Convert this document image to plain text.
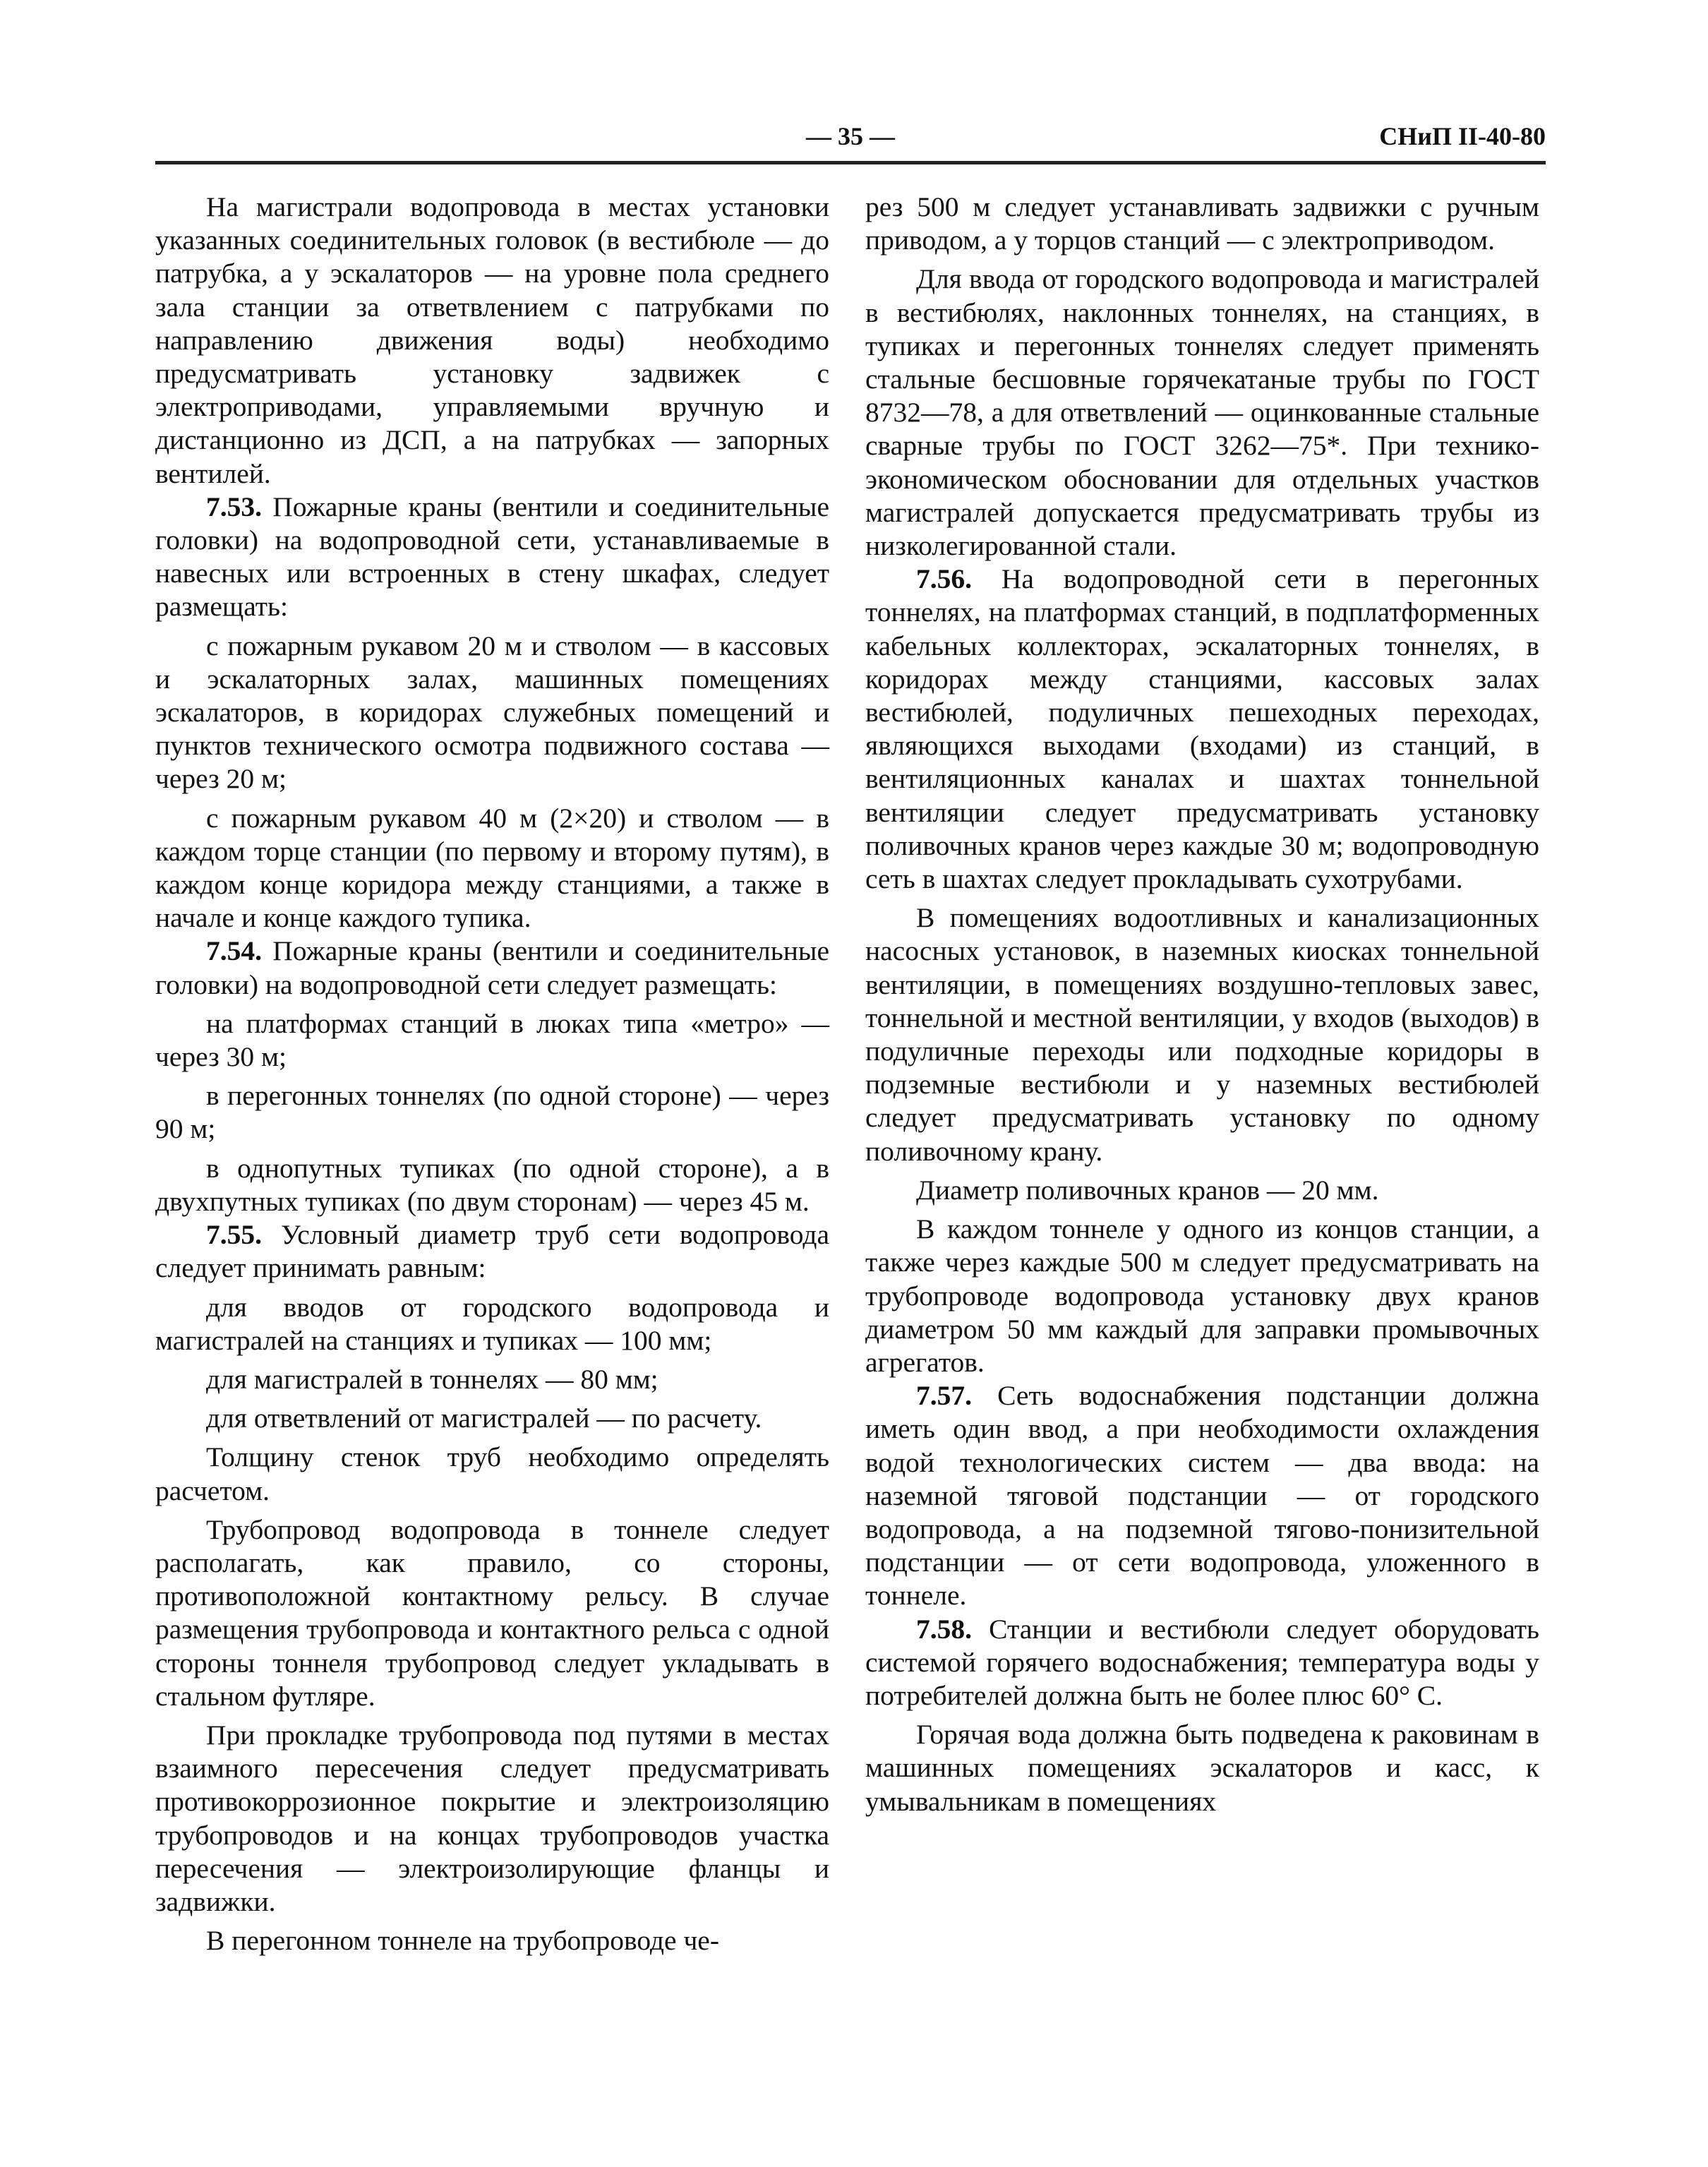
— 35 —	СНиП II-40-80

На магистрали водопровода в местах установки указанных соединительных головок (в вестибюле — до патрубка, а у эскалаторов — на уровне пола среднего зала станции за ответвлением с патрубками по направлению движения воды) необходимо предусматривать установку задвижек с электроприводами, управляемыми вручную и дистанционно из ДСП, а на патрубках — запорных вентилей.

7.53. Пожарные краны (вентили и соединительные головки) на водопроводной сети, устанавливаемые в навесных или встроенных в стену шкафах, следует размещать:

с пожарным рукавом 20 м и стволом — в кассовых и эскалаторных залах, машинных помещениях эскалаторов, в коридорах служебных помещений и пунктов технического осмотра подвижного состава — через 20 м;

с пожарным рукавом 40 м (2×20) и стволом — в каждом торце станции (по первому и второму путям), в каждом конце коридора между станциями, а также в начале и конце каждого тупика.

7.54. Пожарные краны (вентили и соединительные головки) на водопроводной сети следует размещать:

на платформах станций в люках типа «метро» — через 30 м;

в перегонных тоннелях (по одной стороне) — через 90 м;

в однопутных тупиках (по одной стороне), а в двухпутных тупиках (по двум сторонам) — через 45 м.

7.55. Условный диаметр труб сети водопровода следует принимать равным:

для вводов от городского водопровода и магистралей на станциях и тупиках — 100 мм;

для магистралей в тоннелях — 80 мм;

для ответвлений от магистралей — по расчету.

Толщину стенок труб необходимо определять расчетом.

Трубопровод водопровода в тоннеле следует располагать, как правило, со стороны, противоположной контактному рельсу. В случае размещения трубопровода и контактного рельса с одной стороны тоннеля трубопровод следует укладывать в стальном футляре.

При прокладке трубопровода под путями в местах взаимного пересечения следует предусматривать противокоррозионное покрытие и электроизоляцию трубопроводов и на концах трубопроводов участка пересечения — электроизолирующие фланцы и задвижки.

В перегонном тоннеле на трубопроводе че-

рез 500 м следует устанавливать задвижки с ручным приводом, а у торцов станций — с электроприводом.

Для ввода от городского водопровода и магистралей в вестибюлях, наклонных тоннелях, на станциях, в тупиках и перегонных тоннелях следует применять стальные бесшовные горячекатаные трубы по ГОСТ 8732—78, а для ответвлений — оцинкованные стальные сварные трубы по ГОСТ 3262—75*. При технико-экономическом обосновании для отдельных участков магистралей допускается предусматривать трубы из низколегированной стали.

7.56. На водопроводной сети в перегонных тоннелях, на платформах станций, в подплатформенных кабельных коллекторах, эскалаторных тоннелях, в коридорах между станциями, кассовых залах вестибюлей, подуличных пешеходных переходах, являющихся выходами (входами) из станций, в вентиляционных каналах и шахтах тоннельной вентиляции следует предусматривать установку поливочных кранов через каждые 30 м; водопроводную сеть в шахтах следует прокладывать сухотрубами.

В помещениях водоотливных и канализационных насосных установок, в наземных киосках тоннельной вентиляции, в помещениях воздушно-тепловых завес, тоннельной и местной вентиляции, у входов (выходов) в подуличные переходы или подходные коридоры в подземные вестибюли и у наземных вестибюлей следует предусматривать установку по одному поливочному крану.

Диаметр поливочных кранов — 20 мм.

В каждом тоннеле у одного из концов станции, а также через каждые 500 м следует предусматривать на трубопроводе водопровода установку двух кранов диаметром 50 мм каждый для заправки промывочных агрегатов.

7.57. Сеть водоснабжения подстанции должна иметь один ввод, а при необходимости охлаждения водой технологических систем — два ввода: на наземной тяговой подстанции — от городского водопровода, а на подземной тягово-понизительной подстанции — от сети водопровода, уложенного в тоннеле.

7.58. Станции и вестибюли следует оборудовать системой горячего водоснабжения; температура воды у потребителей должна быть не более плюс 60° С.

Горячая вода должна быть подведена к раковинам в машинных помещениях эскалаторов и касс, к умывальникам в помещениях
